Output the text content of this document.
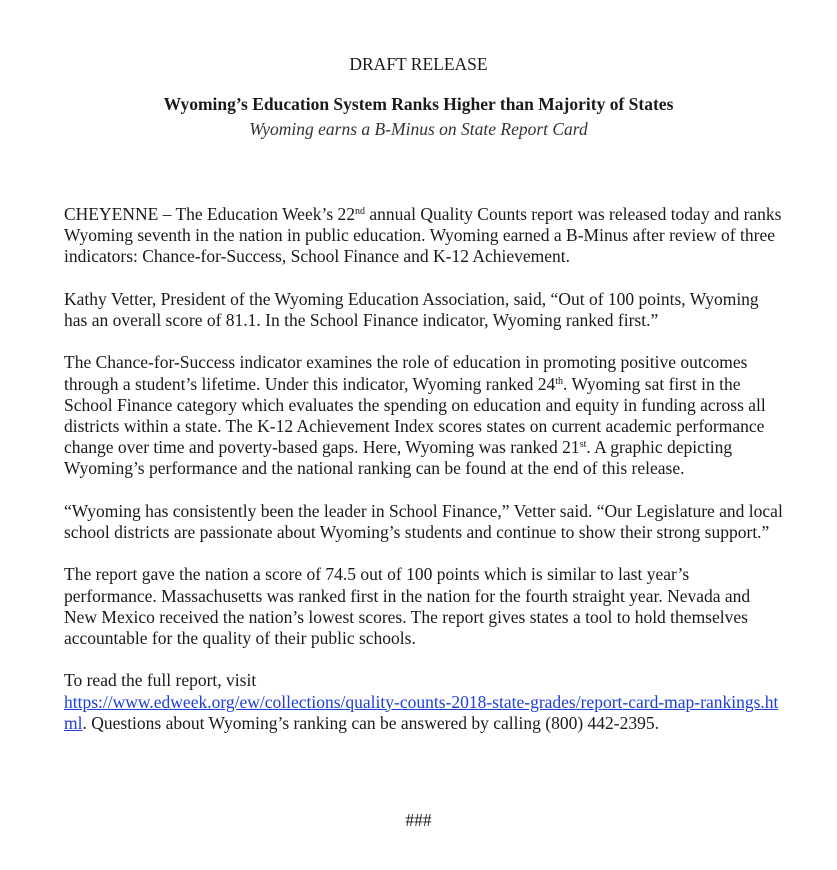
DRAFT RELEASE
Wyoming’s Education System Ranks Higher than Majority of States
Wyoming earns a B-Minus on State Report Card

CHEYENNE – The Education Week’s 22nd annual Quality Counts report was released today and ranks Wyoming seventh in the nation in public education. Wyoming earned a B-Minus after review of three indicators: Chance-for-Success, School Finance and K-12 Achievement.

Kathy Vetter, President of the Wyoming Education Association, said, “Out of 100 points, Wyoming has an overall score of 81.1. In the School Finance indicator, Wyoming ranked first.”

The Chance-for-Success indicator examines the role of education in promoting positive outcomes through a student’s lifetime. Under this indicator, Wyoming ranked 24th. Wyoming sat first in the School Finance category which evaluates the spending on education and equity in funding across all districts within a state. The K-12 Achievement Index scores states on current academic performance change over time and poverty-based gaps. Here, Wyoming was ranked 21st. A graphic depicting Wyoming’s performance and the national ranking can be found at the end of this release.

“Wyoming has consistently been the leader in School Finance,” Vetter said. “Our Legislature and local school districts are passionate about Wyoming’s students and continue to show their strong support.”

The report gave the nation a score of 74.5 out of 100 points which is similar to last year’s performance. Massachusetts was ranked first in the nation for the fourth straight year. Nevada and New Mexico received the nation’s lowest scores. The report gives states a tool to hold themselves accountable for the quality of their public schools.

To read the full report, visit
https://www.edweek.org/ew/collections/quality-counts-2018-state-grades/report-card-map-rankings.html. Questions about Wyoming’s ranking can be answered by calling (800) 442-2395.

###
